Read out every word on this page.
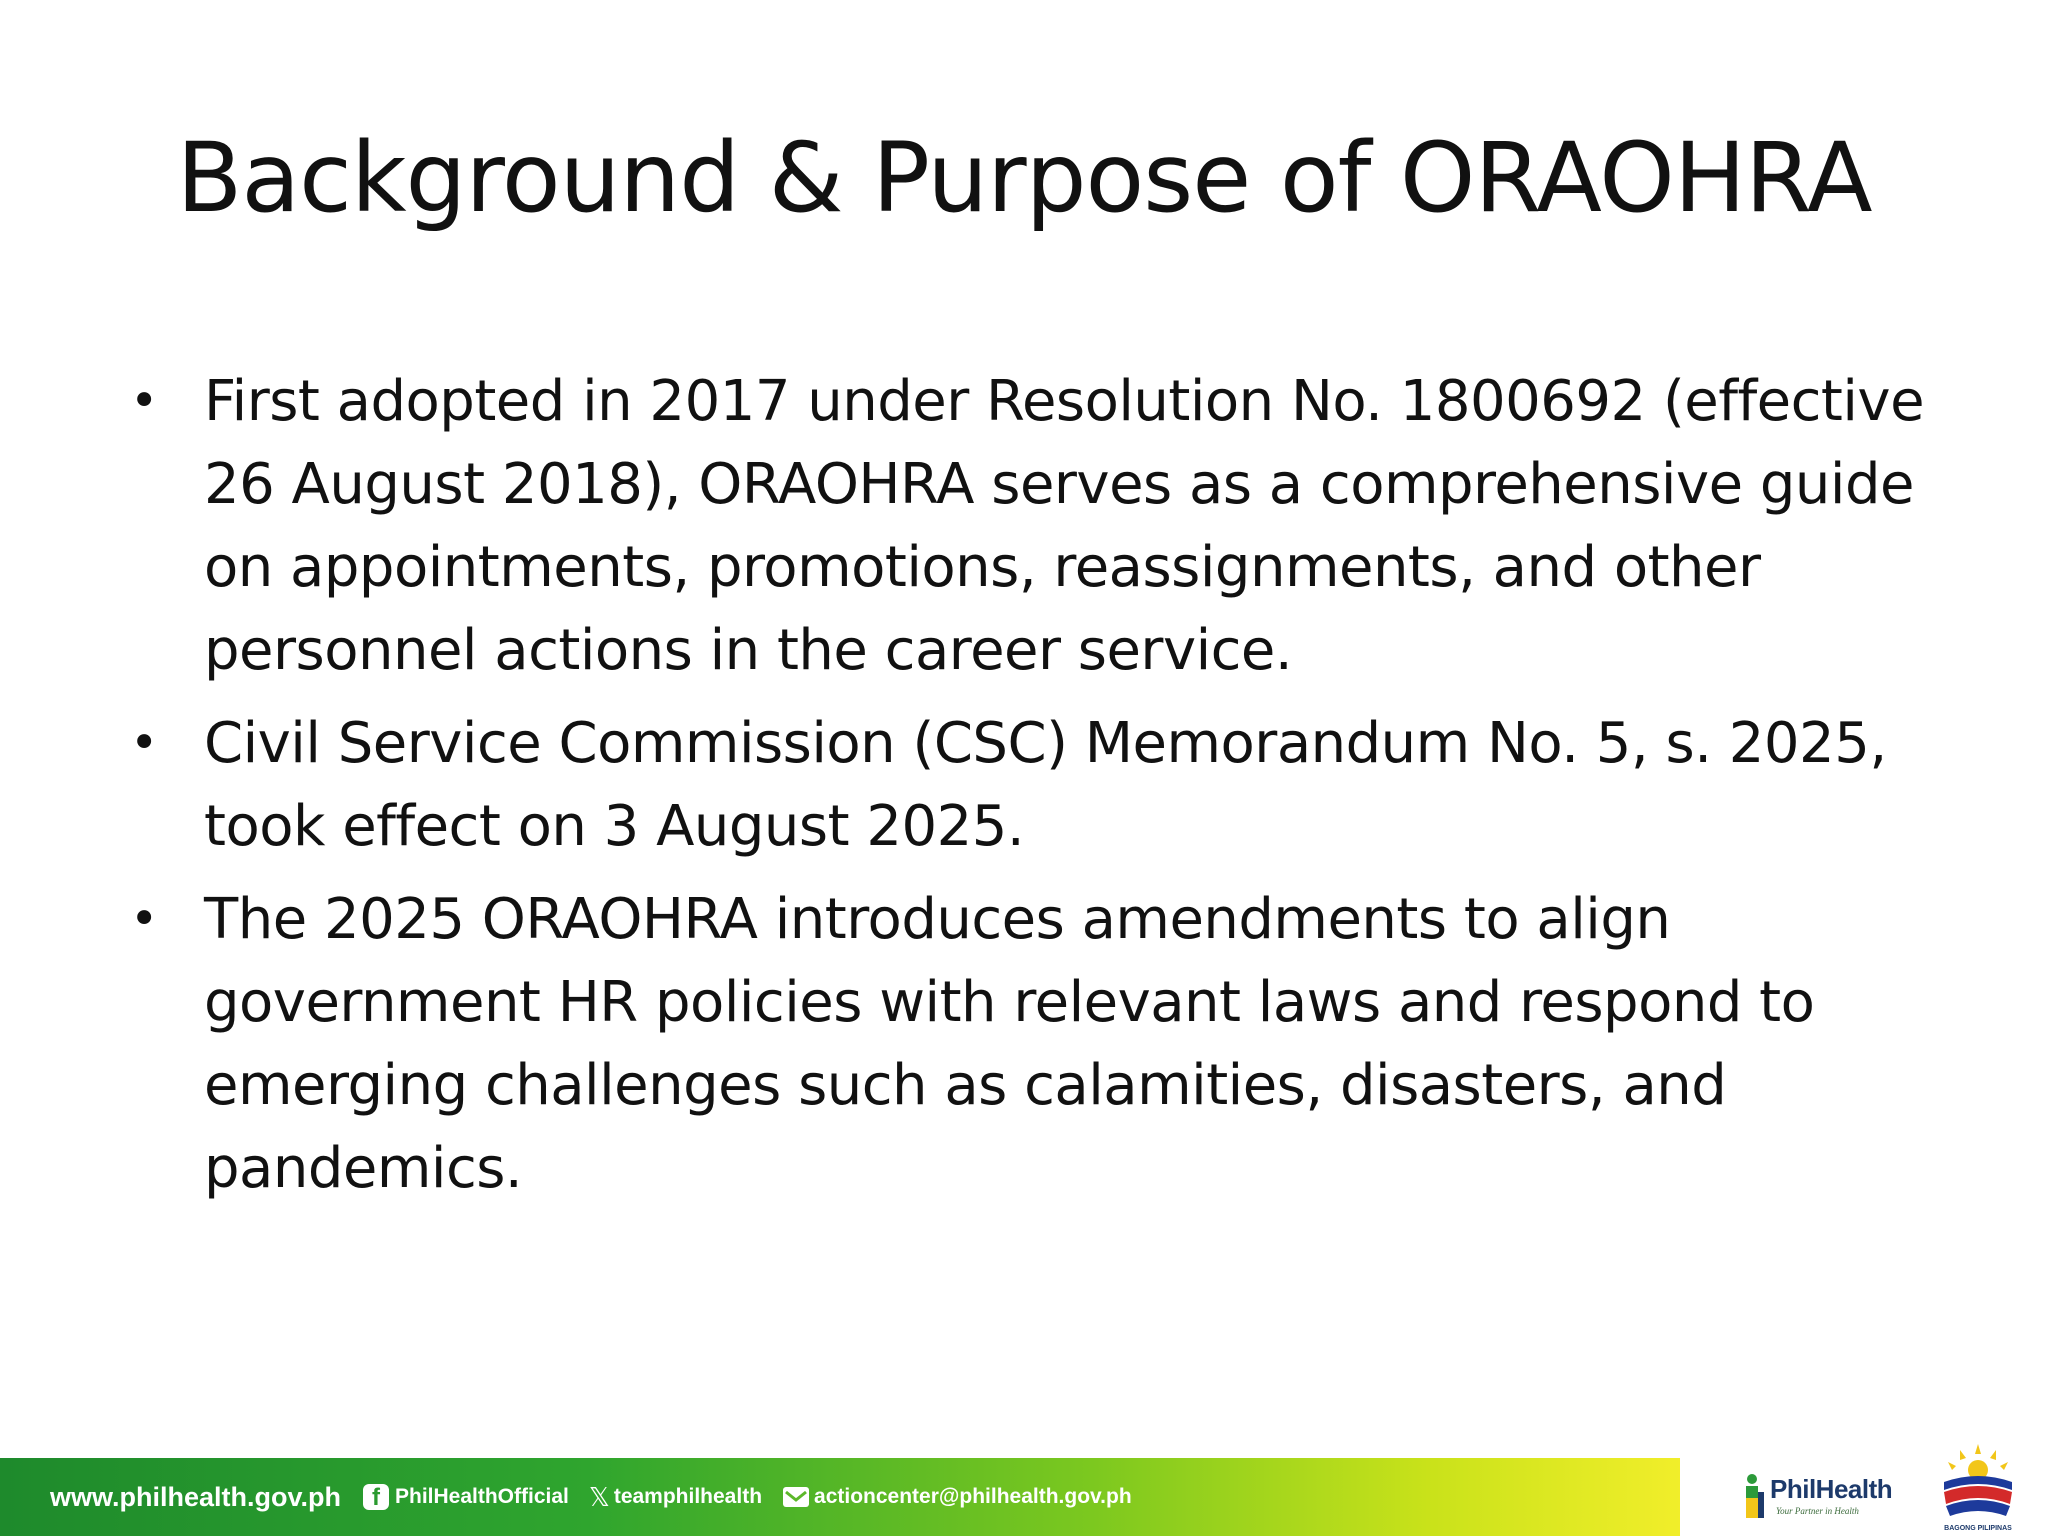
Background & Purpose of ORAOHRA
• First adopted in 2017 under Resolution No. 1800692 (effective 26 August 2018), ORAOHRA serves as a comprehensive guide on appointments, promotions, reassignments, and other personnel actions in the career service.
• Civil Service Commission (CSC) Memorandum No. 5, s. 2025, took effect on 3 August 2025.
• The 2025 ORAOHRA introduces amendments to align government HR policies with relevant laws and respond to emerging challenges such as calamities, disasters, and pandemics.
www.philhealth.gov.ph	f PhilHealthOfficial 𝕏 teamphilhealth actioncenter@philhealth.gov.ph	PhilHealth
Your Partner in Health
BAGONG PILIPINAS
